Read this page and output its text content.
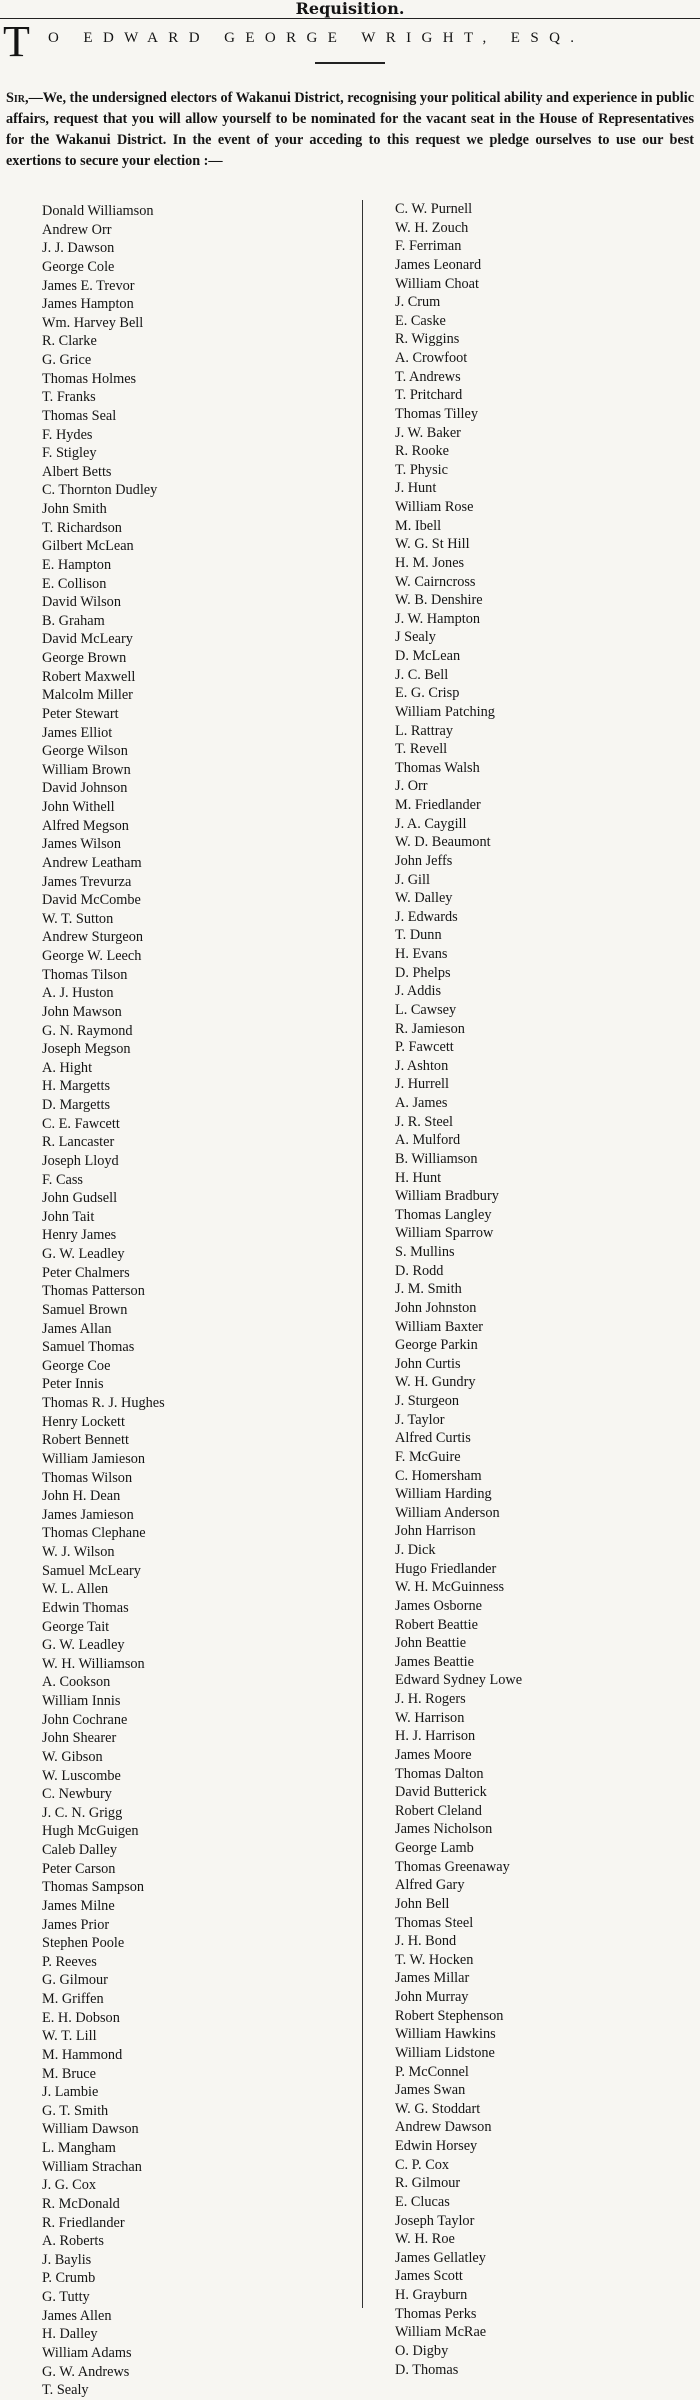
Requisition.
T O EDWARD GEORGE WRIGHT, ESQ.

Sir,—We, the undersigned electors of Wakanui District, recognising your political ability and experience in public affairs, request that you will allow yourself to be nominated for the vacant seat in the House of Representatives for the Wakanui District. In the event of your acceding to this request we pledge ourselves to use our best exertions to secure your election :—

Donald Williamson
Andrew Orr
J. J. Dawson
George Cole
James E. Trevor
James Hampton
Wm. Harvey Bell
R. Clarke
G. Grice
Thomas Holmes
T. Franks
Thomas Seal
F. Hydes
F. Stigley
Albert Betts
C. Thornton Dudley
John Smith
T. Richardson
Gilbert McLean
E. Hampton
E. Collison
David Wilson
B. Graham
David McLeary
George Brown
Robert Maxwell
Malcolm Miller
Peter Stewart
James Elliot
George Wilson
William Brown
David Johnson
John Withell
Alfred Megson
James Wilson
Andrew Leatham
James Trevurza
David McCombe
W. T. Sutton
Andrew Sturgeon
George W. Leech
Thomas Tilson
A. J. Huston
John Mawson
G. N. Raymond
Joseph Megson
A. Hight
H. Margetts
D. Margetts
C. E. Fawcett
R. Lancaster
Joseph Lloyd
F. Cass
John Gudsell
John Tait
Henry James
G. W. Leadley
Peter Chalmers
Thomas Patterson
Samuel Brown
James Allan
Samuel Thomas
George Coe
Peter Innis
Thomas R. J. Hughes
Henry Lockett
Robert Bennett
William Jamieson
Thomas Wilson
John H. Dean
James Jamieson
Thomas Clephane
W. J. Wilson
Samuel McLeary
W. L. Allen
Edwin Thomas
George Tait
G. W. Leadley
W. H. Williamson
A. Cookson
William Innis
John Cochrane
John Shearer
W. Gibson
W. Luscombe
C. Newbury
J. C. N. Grigg
Hugh McGuigen
Caleb Dalley
Peter Carson
Thomas Sampson
James Milne
James Prior
Stephen Poole
P. Reeves
G. Gilmour
M. Griffen
E. H. Dobson
W. T. Lill
M. Hammond
M. Bruce
J. Lambie
G. T. Smith
William Dawson
L. Mangham
William Strachan
J. G. Cox
R. McDonald
R. Friedlander
A. Roberts
J. Baylis
P. Crumb
G. Tutty
James Allen
H. Dalley
William Adams
G. W. Andrews
T. Sealy
C. W. Purnell
W. H. Zouch
F. Ferriman
James Leonard
William Choat
J. Crum
E. Caske
R. Wiggins
A. Crowfoot
T. Andrews
T. Pritchard
Thomas Tilley
J. W. Baker
R. Rooke
T. Physic
J. Hunt
William Rose
M. Ibell
W. G. St Hill
H. M. Jones
W. Cairncross
W. B. Denshire
J. W. Hampton
J Sealy
D. McLean
J. C. Bell
E. G. Crisp
William Patching
L. Rattray
T. Revell
Thomas Walsh
J. Orr
M. Friedlander
J. A. Caygill
W. D. Beaumont
John Jeffs
J. Gill
W. Dalley
J. Edwards
T. Dunn
H. Evans
D. Phelps
J. Addis
L. Cawsey
R. Jamieson
P. Fawcett
J. Ashton
J. Hurrell
A. James
J. R. Steel
A. Mulford
B. Williamson
H. Hunt
William Bradbury
Thomas Langley
William Sparrow
S. Mullins
D. Rodd
J. M. Smith
John Johnston
William Baxter
George Parkin
John Curtis
W. H. Gundry
J. Sturgeon
J. Taylor
Alfred Curtis
F. McGuire
C. Homersham
William Harding
William Anderson
John Harrison
J. Dick
Hugo Friedlander
W. H. McGuinness
James Osborne
Robert Beattie
John Beattie
James Beattie
Edward Sydney Lowe
J. H. Rogers
W. Harrison
H. J. Harrison
James Moore
Thomas Dalton
David Butterick
Robert Cleland
James Nicholson
George Lamb
Thomas Greenaway
Alfred Gary
John Bell
Thomas Steel
J. H. Bond
T. W. Hocken
James Millar
John Murray
Robert Stephenson
William Hawkins
William Lidstone
P. McConnel
James Swan
W. G. Stoddart
Andrew Dawson
Edwin Horsey
C. P. Cox
R. Gilmour
E. Clucas
Joseph Taylor
W. H. Roe
James Gellatley
James Scott
H. Grayburn
Thomas Perks
William McRae
O. Digby
D. Thomas
